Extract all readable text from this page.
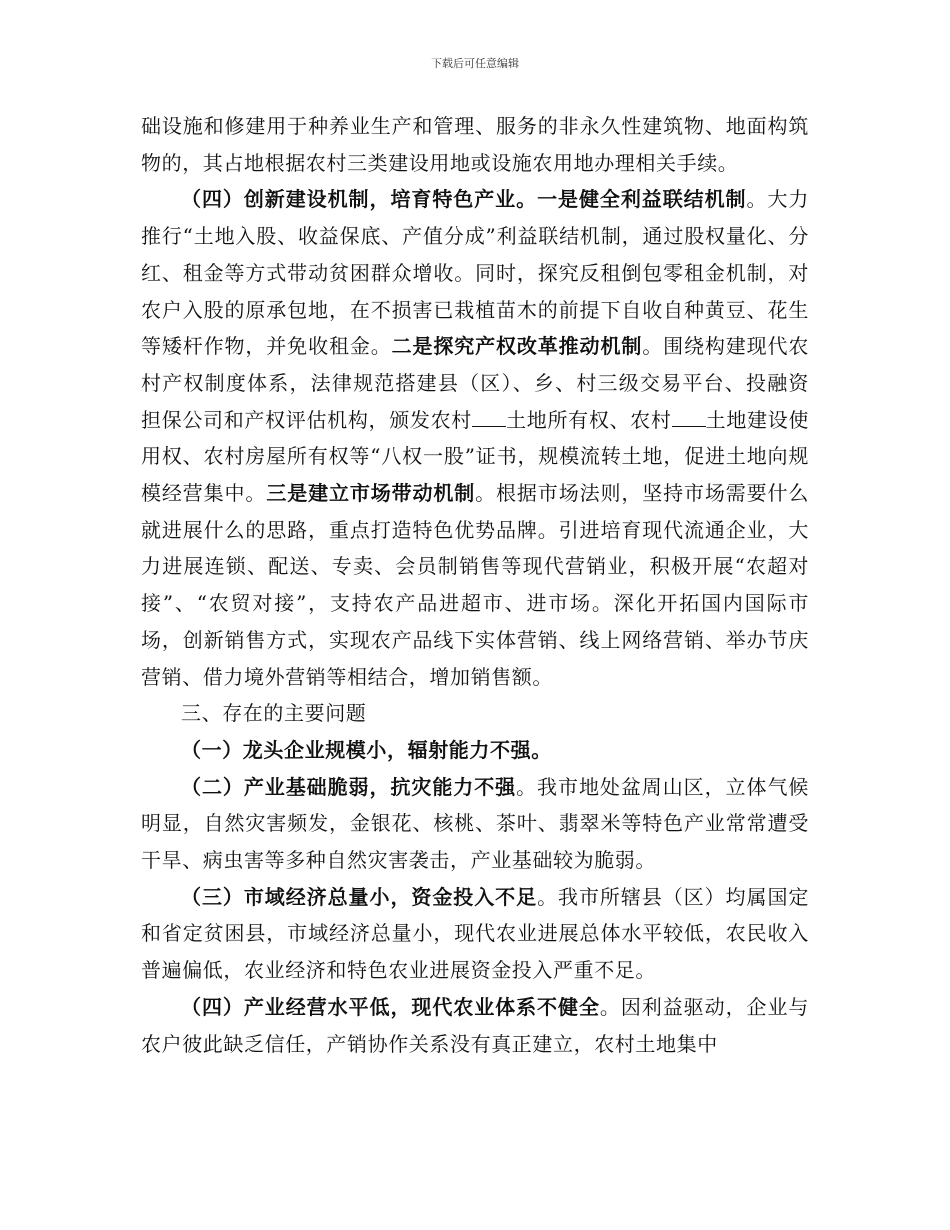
下载后可任意编辑

础设施和修建用于种养业生产和管理、服务的非永久性建筑物、地面构筑物的，其占地根据农村三类建设用地或设施农用地办理相关手续。

（四）创新建设机制，培育特色产业。一是健全利益联结机制。大力推行“土地入股、收益保底、产值分成”利益联结机制，通过股权量化、分红、租金等方式带动贫困群众增收。同时，探究反租倒包零租金机制，对农户入股的原承包地，在不损害已栽植苗木的前提下自收自种黄豆、花生等矮杆作物，并免收租金。二是探究产权改革推动机制。围绕构建现代农村产权制度体系，法律规范搭建县（区）、乡、村三级交易平台、投融资担保公司和产权评估机构，颁发农村 土地所有权、农村 土地建设使用权、农村房屋所有权等“八权一股”证书，规模流转土地，促进土地向规模经营集中。三是建立市场带动机制。根据市场法则，坚持市场需要什么就进展什么的思路，重点打造特色优势品牌。引进培育现代流通企业，大力进展连锁、配送、专卖、会员制销售等现代营销业，积极开展“农超对接”、“农贸对接”，支持农产品进超市、进市场。深化开拓国内国际市场，创新销售方式，实现农产品线下实体营销、线上网络营销、举办节庆营销、借力境外营销等相结合，增加销售额。

三、存在的主要问题

（一）龙头企业规模小，辐射能力不强。

（二）产业基础脆弱，抗灾能力不强。我市地处盆周山区，立体气候明显，自然灾害频发，金银花、核桃、茶叶、翡翠米等特色产业常常遭受干旱、病虫害等多种自然灾害袭击，产业基础较为脆弱。

（三）市域经济总量小，资金投入不足。我市所辖县（区）均属国定和省定贫困县，市域经济总量小，现代农业进展总体水平较低，农民收入普遍偏低，农业经济和特色农业进展资金投入严重不足。

（四）产业经营水平低，现代农业体系不健全。因利益驱动，企业与农户彼此缺乏信任，产销协作关系没有真正建立，农村土地集中
